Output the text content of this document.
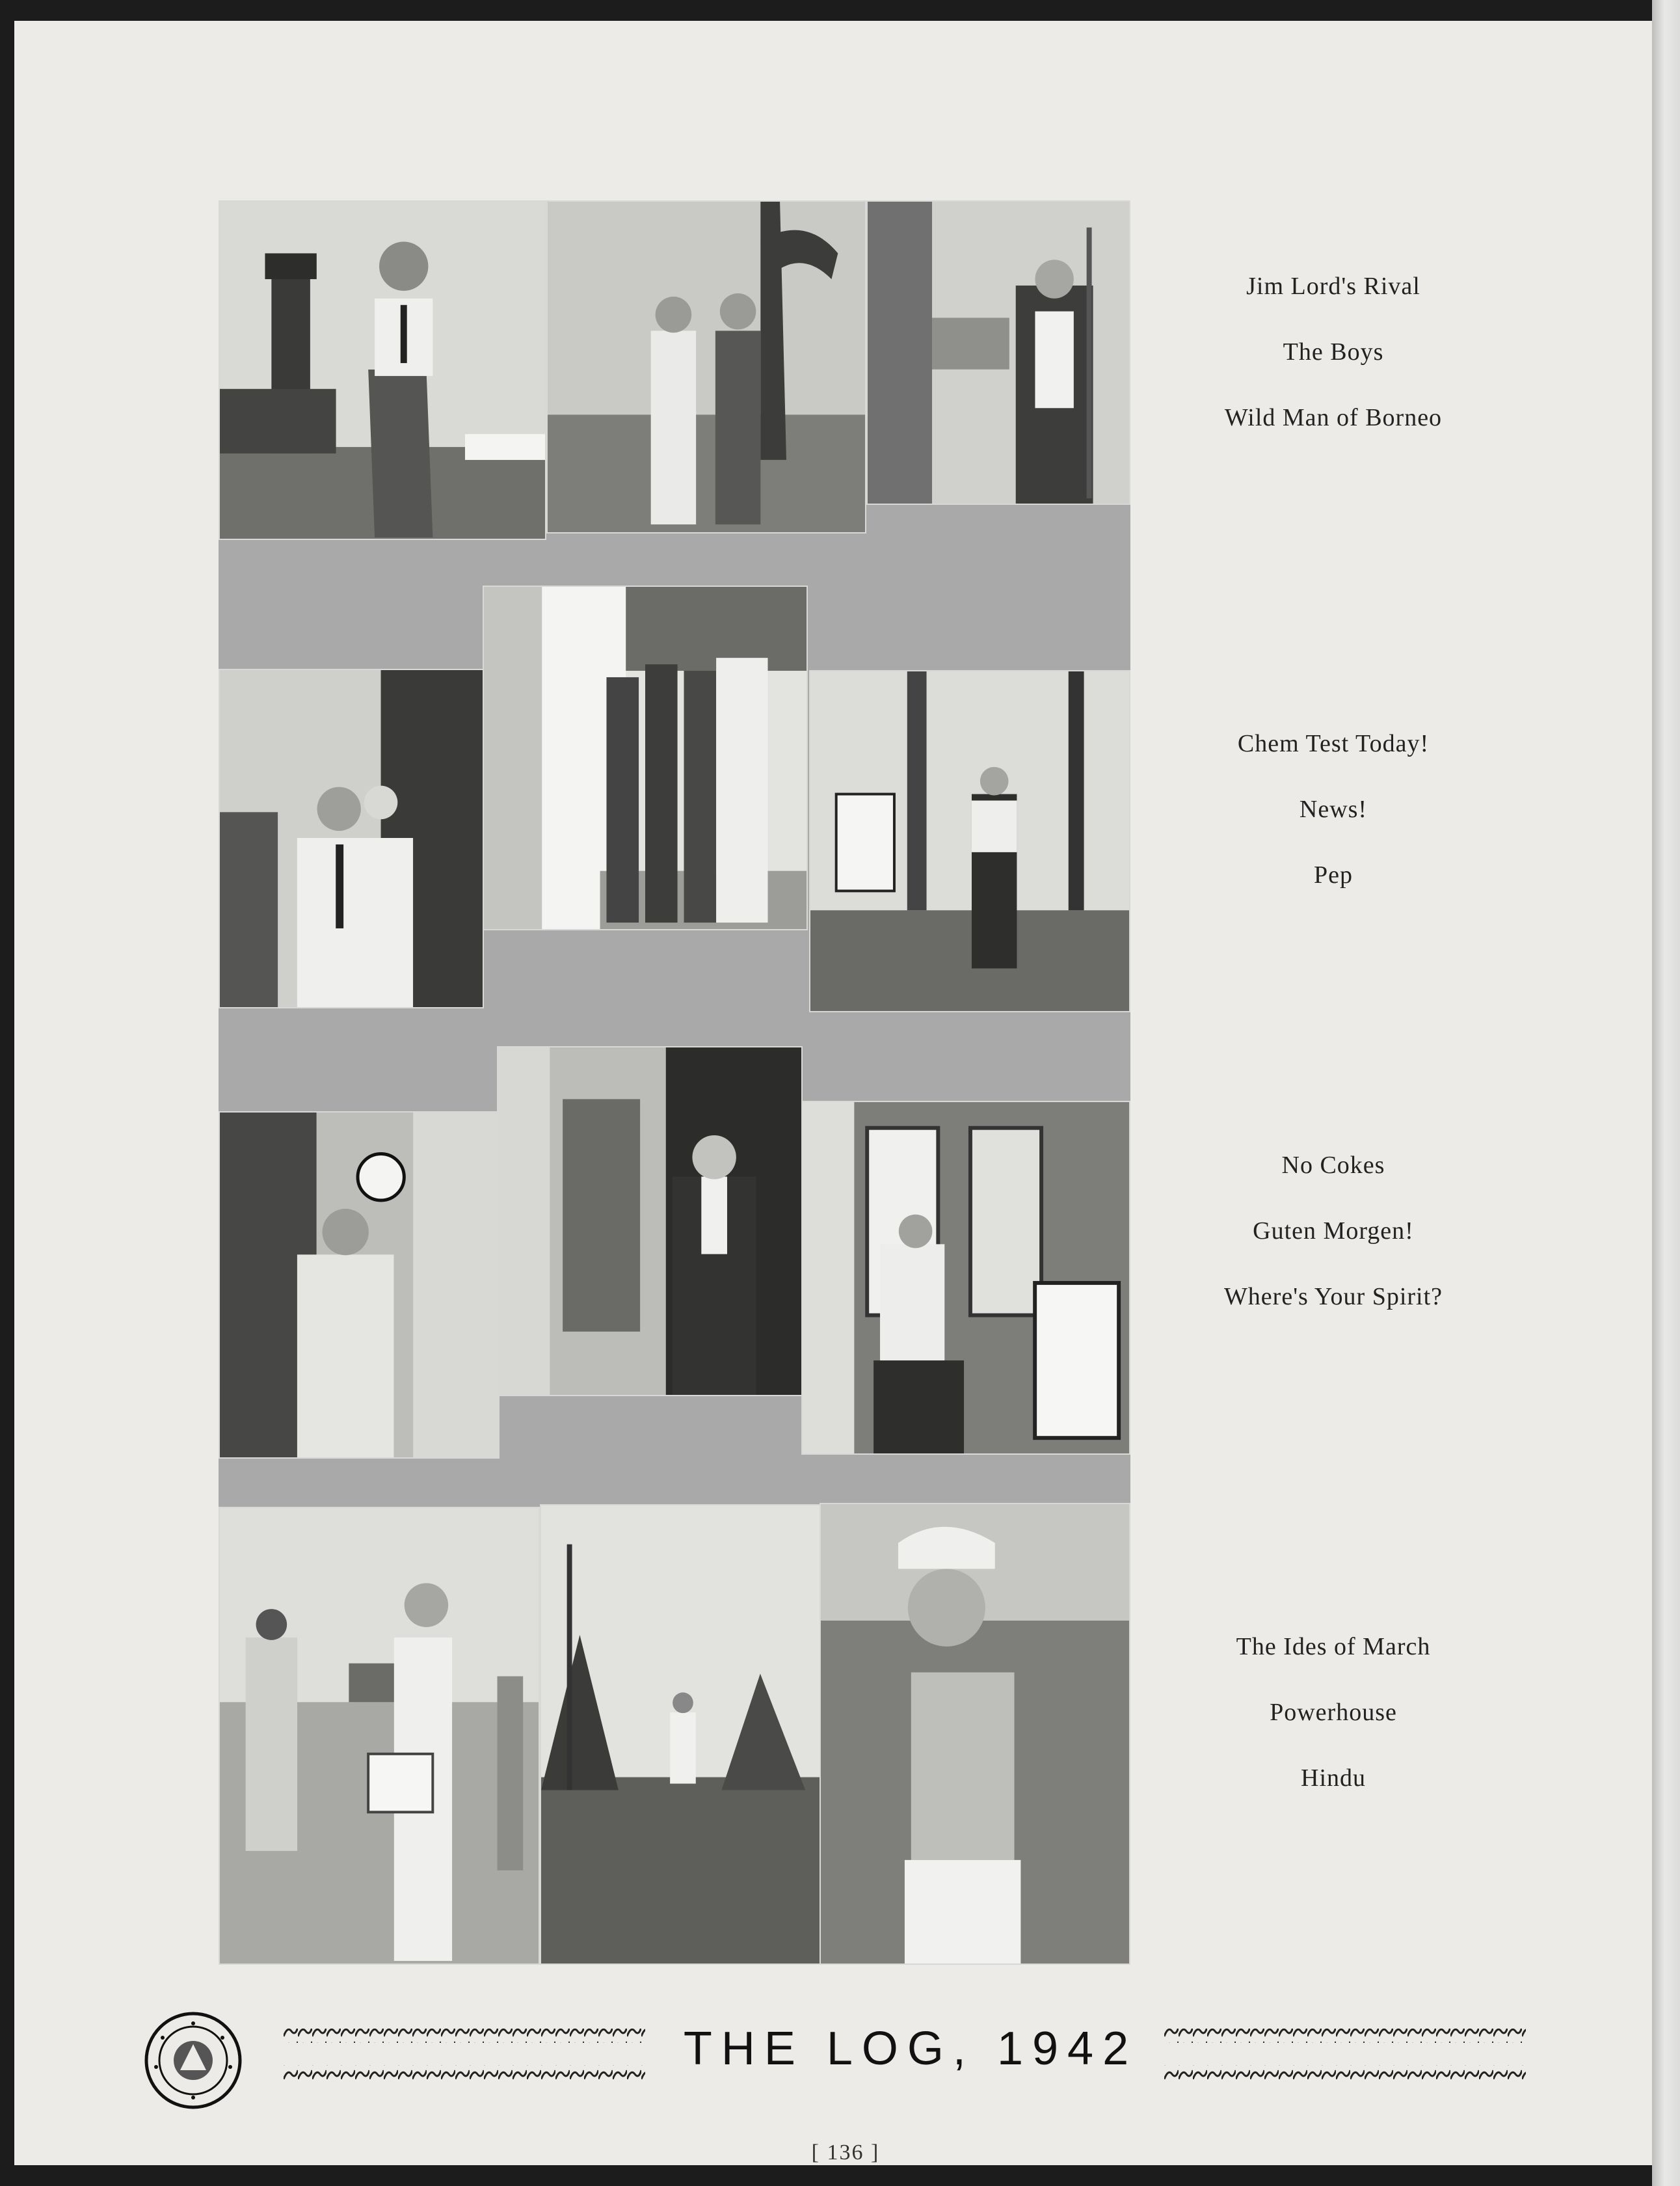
Jim Lord's Rival
The Boys
Wild Man of Borneo
Chem Test Today!
News!
Pep
No Cokes
Guten Morgen!
Where's Your Spirit?
The Ides of March
Powerhouse
Hindu
THE LOG, 1942
[ 136 ]
